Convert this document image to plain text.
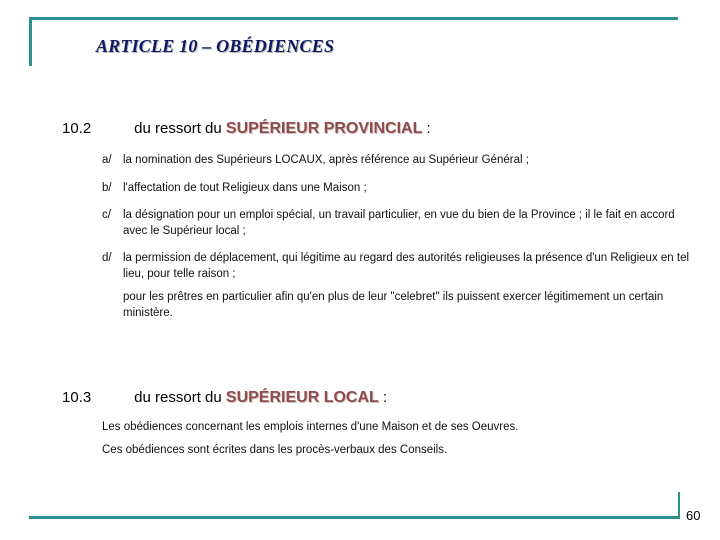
ARTICLE 10 – OBÉDIENCES
10.2	du ressort du SUPÉRIEUR PROVINCIAL :
a/ la nomination des Supérieurs LOCAUX, après référence au Supérieur Général ;
b/ l'affectation de tout Religieux dans une Maison ;
c/ la désignation pour un emploi spécial, un travail particulier, en vue du bien de la Province ; il le fait en accord avec le Supérieur local ;
d/ la permission de déplacement, qui légitime au regard des autorités religieuses la présence d'un Religieux en tel lieu, pour telle raison ;
pour les prêtres en particulier afin qu'en plus de leur "celebret" ils puissent exercer légitimement un certain ministère.
10.3	du ressort du SUPÉRIEUR LOCAL :
Les obédiences concernant les emplois internes d'une Maison et de ses Oeuvres.
Ces obédiences sont écrites dans les procès-verbaux des Conseils.
60
